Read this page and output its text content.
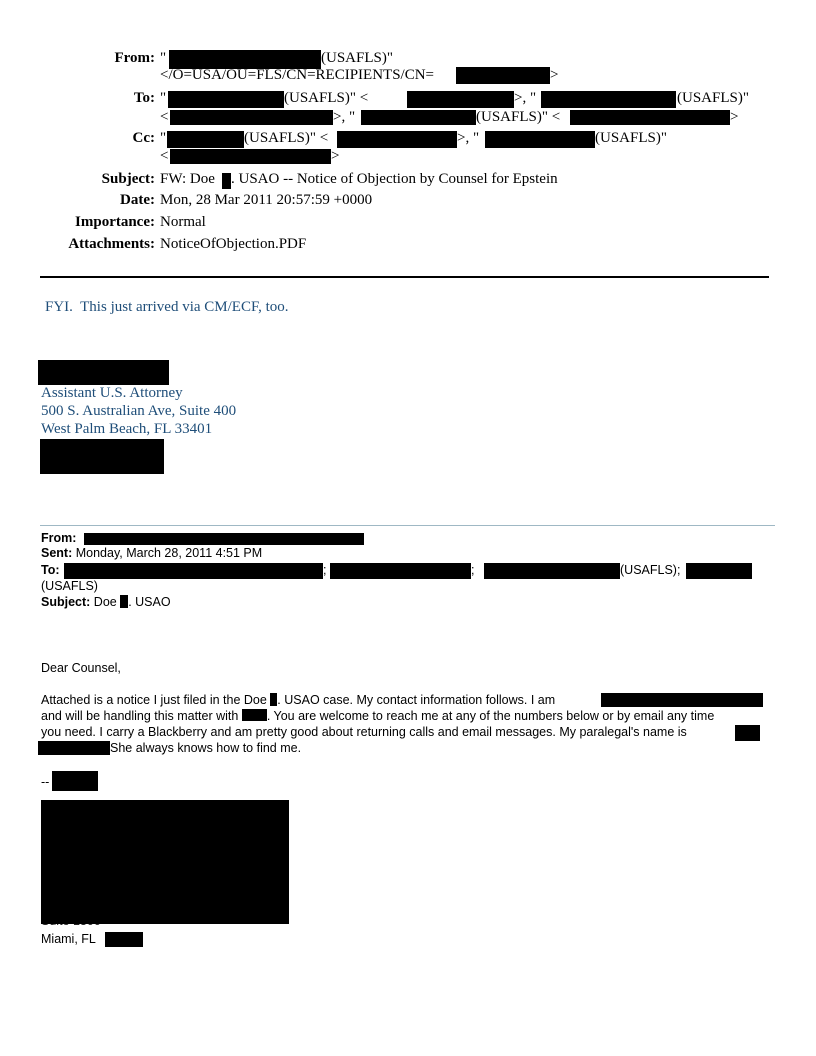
From: "	(USAFLS)"
</O=USA/OU=FLS/CN=RECIPIENTS/CN=	>
To: "	(USAFLS)" <	>, "	(USAFLS)"
<	>, "	(USAFLS)" <	>
Cc: "	(USAFLS)" <	>, "	(USAFLS)"
<	>
Subject: FW: Doe . USAO -- Notice of Objection by Counsel for Epstein
Date: Mon, 28 Mar 2011 20:57:59 +0000
Importance: Normal
Attachments: NoticeOfObjection.PDF
FYI.  This just arrived via CM/ECF, too.
Assistant U.S. Attorney
500 S. Australian Ave, Suite 400
West Palm Beach, FL 33401
From:
Sent: Monday, March 28, 2011 4:51 PM
To:	;	;	(USAFLS);
(USAFLS)
Subject: Doe . USAO
Dear Counsel,
Attached is a notice I just filed in the Doe . USAO case. My contact information follows. I am
and will be handling this matter with . You are welcome to reach me at any of the numbers below or by email any time
you need. I carry a Blackberry and am pretty good about returning calls and email messages. My paralegal's name is
She always knows how to find me.
--
Miami, FL
